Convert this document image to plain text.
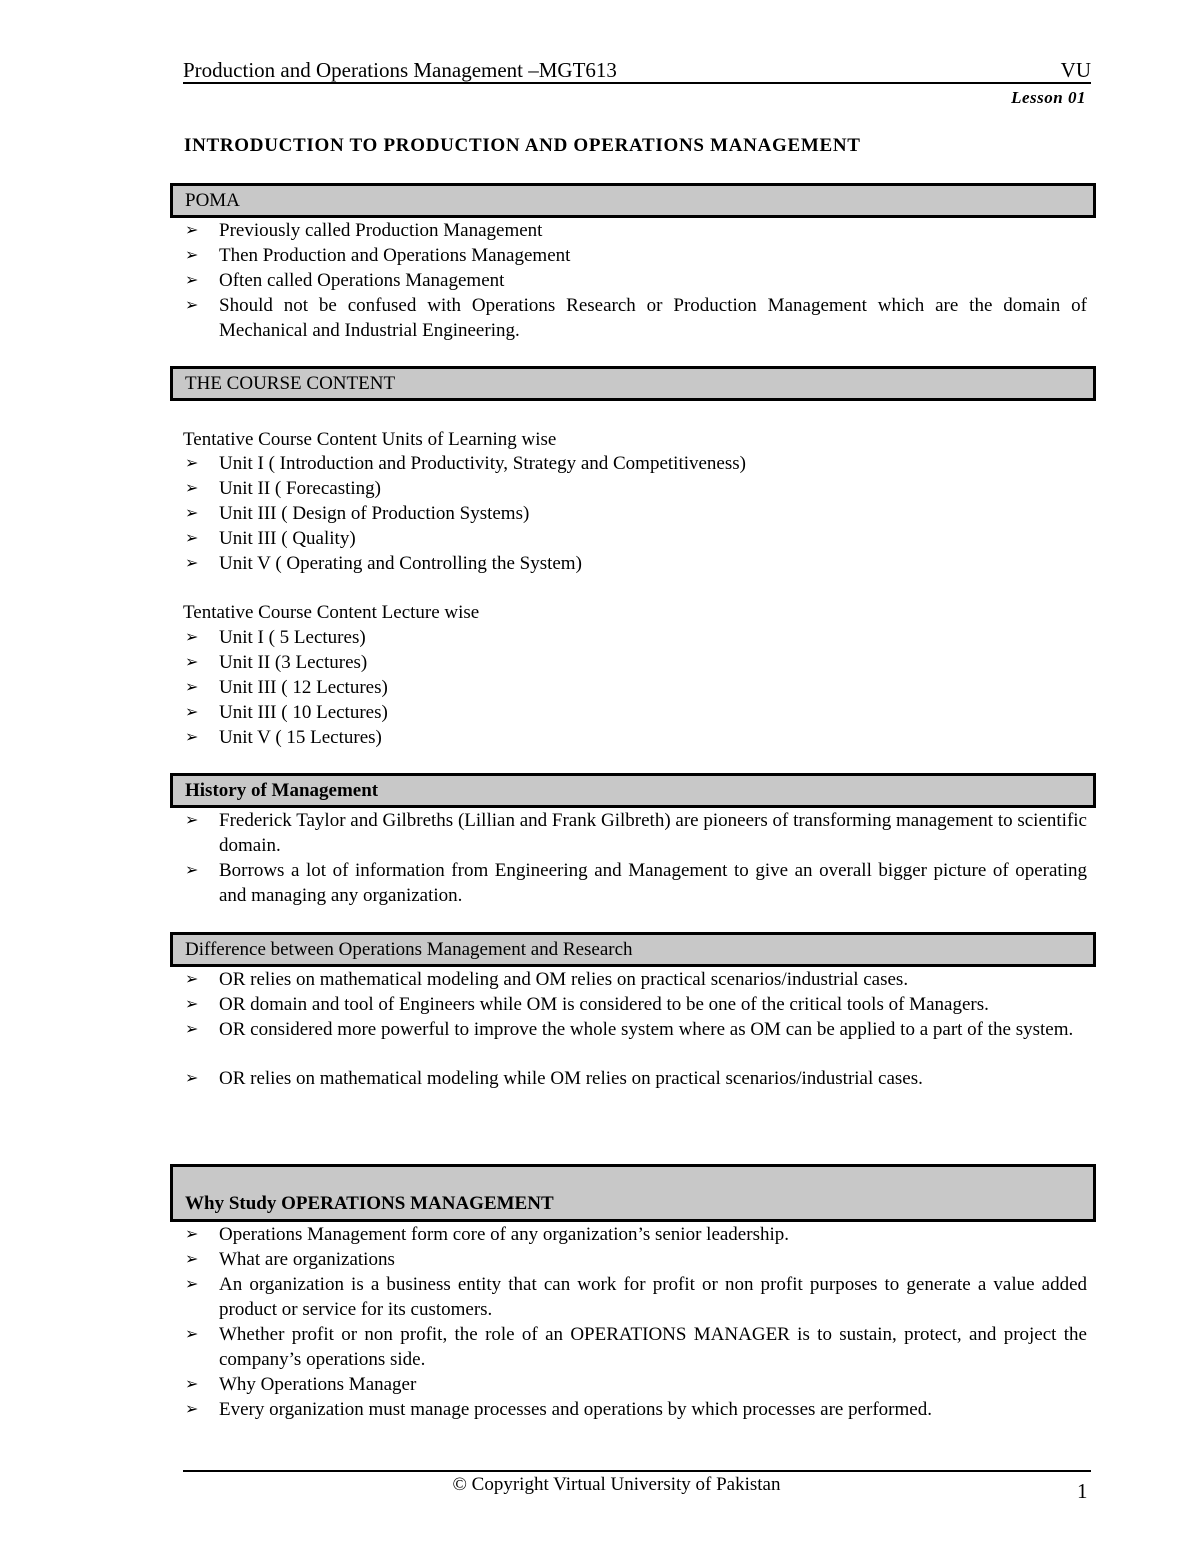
Production and Operations Management –MGT613	VU
Lesson 01
INTRODUCTION TO PRODUCTION AND OPERATIONS MANAGEMENT
POMA
➢ Previously called Production Management
➢ Then Production and Operations Management
➢ Often called Operations Management
➢ Should not be confused with Operations Research or Production Management which are the domain of Mechanical and Industrial Engineering.
THE COURSE CONTENT
Tentative Course Content Units of Learning wise
➢ Unit I ( Introduction and Productivity, Strategy and Competitiveness)
➢ Unit II ( Forecasting)
➢ Unit III ( Design of Production Systems)
➢ Unit III ( Quality)
➢ Unit V ( Operating and Controlling the System)
Tentative Course Content Lecture wise
➢ Unit I ( 5 Lectures)
➢ Unit II (3 Lectures)
➢ Unit III ( 12 Lectures)
➢ Unit III ( 10 Lectures)
➢ Unit V ( 15 Lectures)
History of Management
➢ Frederick Taylor and Gilbreths (Lillian and Frank Gilbreth) are pioneers of transforming management to scientific domain.
➢ Borrows a lot of information from Engineering and Management to give an overall bigger picture of operating and managing any organization.
Difference between Operations Management and Research
➢ OR relies on mathematical modeling and OM relies on practical scenarios/industrial cases.
➢ OR domain and tool of Engineers while OM is considered to be one of the critical tools of Managers.
➢ OR considered more powerful to improve the whole system where as OM can be applied to a part of the system.
➢ OR relies on mathematical modeling while OM relies on practical scenarios/industrial cases.
Why Study OPERATIONS MANAGEMENT
➢ Operations Management form core of any organization’s senior leadership.
➢ What are organizations
➢ An organization is a business entity that can work for profit or non profit purposes to generate a value added product or service for its customers.
➢ Whether profit or non profit, the role of an OPERATIONS MANAGER is to sustain, protect, and project the company’s operations side.
➢ Why Operations Manager
➢ Every organization must manage processes and operations by which processes are performed.
© Copyright Virtual University of Pakistan	1
